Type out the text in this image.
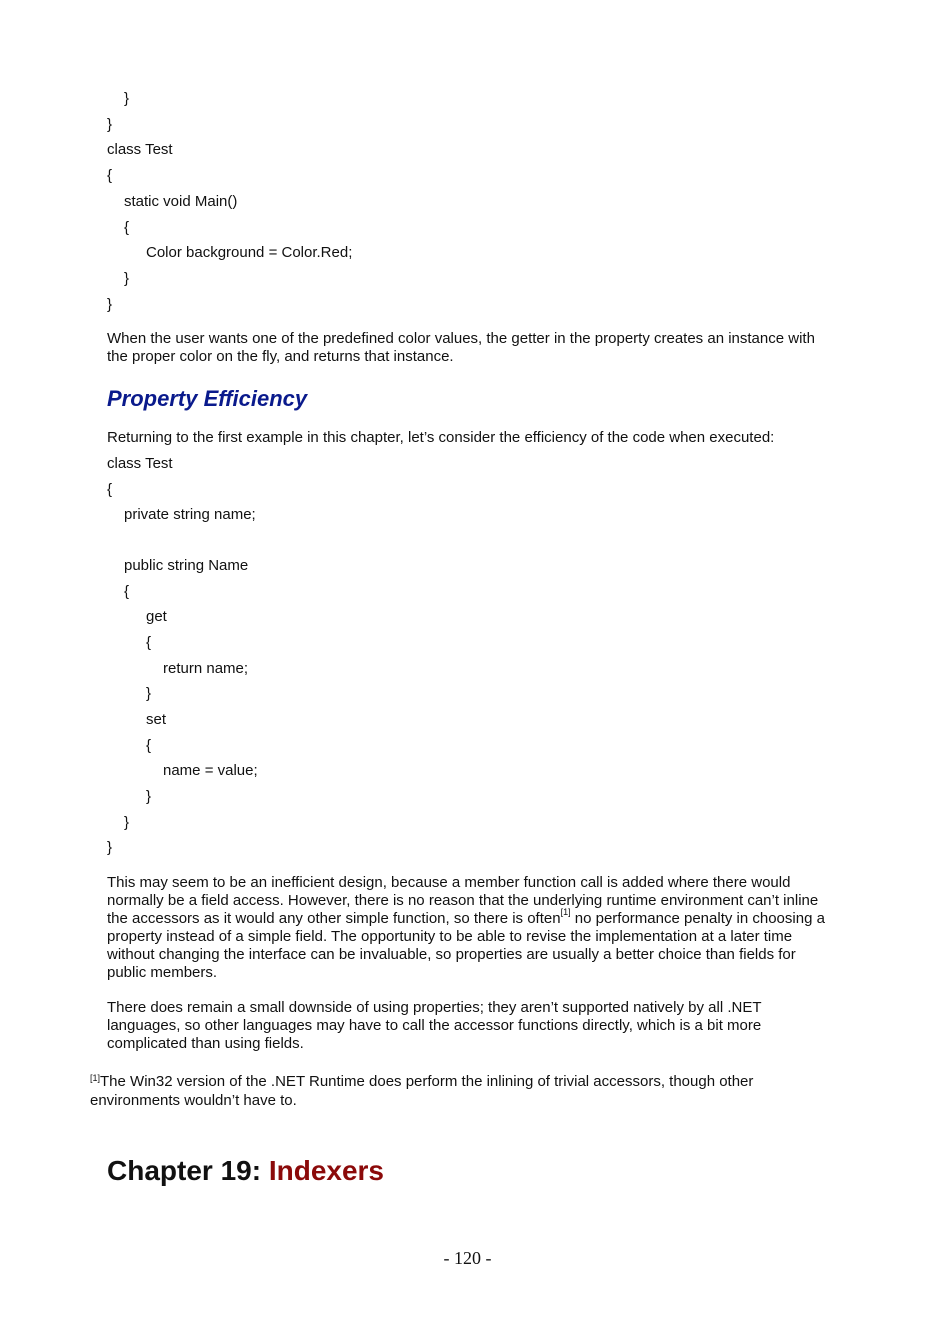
}
}
class Test
{
static void Main()
{
Color background = Color.Red;
}
}

When the user wants one of the predefined color values, the getter in the property creates an instance with the proper color on the fly, and returns that instance.

Property Efficiency

Returning to the first example in this chapter, let’s consider the efficiency of the code when executed:

class Test
{
private string name;
public string Name
{
get
{
return name;
}
set
{
name = value;
}
}
}

This may seem to be an inefficient design, because a member function call is added where there would normally be a field access. However, there is no reason that the underlying runtime environment can’t inline the accessors as it would any other simple function, so there is often[1] no performance penalty in choosing a property instead of a simple field. The opportunity to be able to revise the implementation at a later time without changing the interface can be invaluable, so properties are usually a better choice than fields for public members.

There does remain a small downside of using properties; they aren’t supported natively by all .NET languages, so other languages may have to call the accessor functions directly, which is a bit more complicated than using fields.

[1]The Win32 version of the .NET Runtime does perform the inlining of trivial accessors, though other environments wouldn’t have to.

Chapter 19: Indexers
- 120 -
